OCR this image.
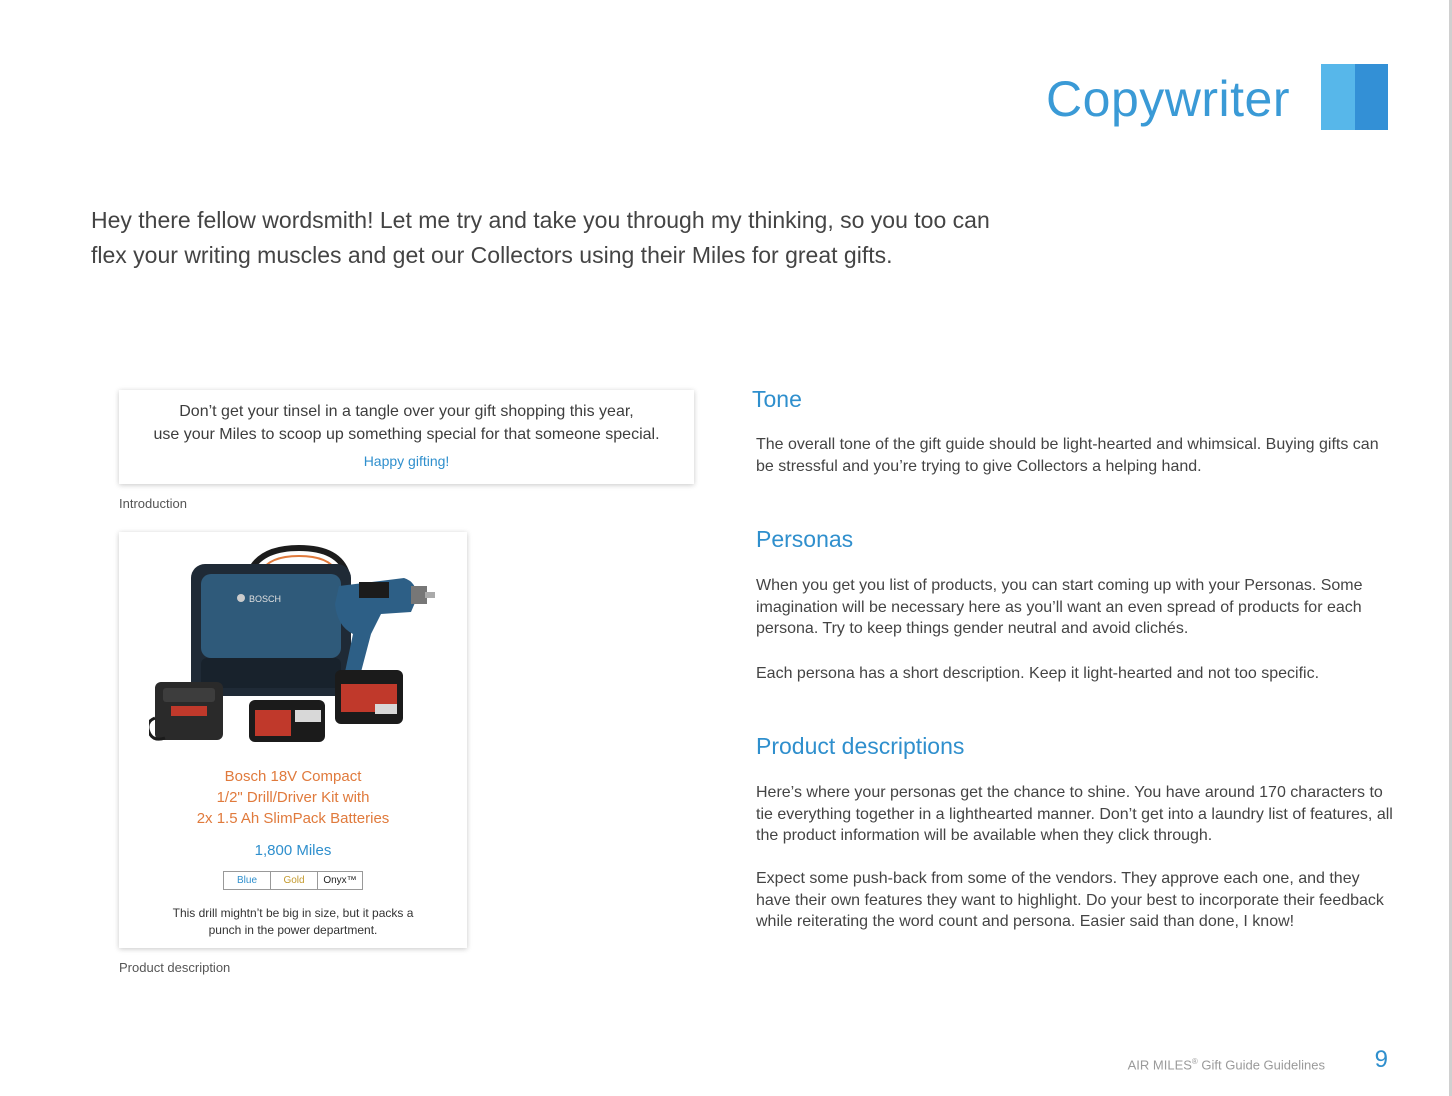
Copywriter
Hey there fellow wordsmith! Let me try and take you through my thinking, so you too can flex your writing muscles and get our Collectors using their Miles for great gifts.
Don’t get your tinsel in a tangle over your gift shopping this year,
use your Miles to scoop up something special for that someone special.
Happy gifting!
Introduction
BOSCH
Bosch 18V Compact
1/2" Drill/Driver Kit with
2x 1.5 Ah SlimPack Batteries
1,800 Miles
Blue	Gold	Onyx™
This drill mightn’t be big in size, but it packs a
punch in the power department.
Product description
Tone
The overall tone of the gift guide should be light-hearted and whimsical. Buying gifts can be stressful and you’re trying to give Collectors a helping hand.
Personas
When you get you list of products, you can start coming up with your Personas. Some imagination will be necessary here as you’ll want an even spread of products for each persona. Try to keep things gender neutral and avoid clichés.
Each persona has a short description. Keep it light-hearted and not too specific.
Product descriptions
Here’s where your personas get the chance to shine. You have around 170 characters to tie everything together in a lighthearted manner. Don’t get into a laundry list of features, all the product information will be available when they click through.
Expect some push-back from some of the vendors. They approve each one, and they have their own features they want to highlight. Do your best to incorporate their feedback while reiterating the word count and persona. Easier said than done, I know!
AIR MILES® Gift Guide Guidelines	9
